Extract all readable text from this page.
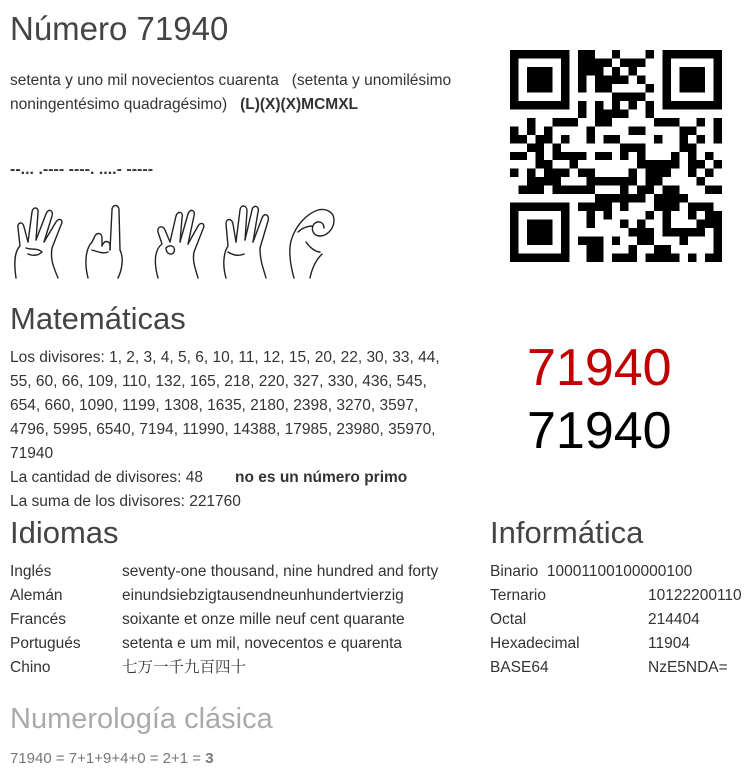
Número 71940
setenta y uno mil novecientos cuarenta (setenta y unomilésimo
noningentésimo quadragésimo) (L)(X)(X)MCMXL
--... .---- ----. ....- -----
Matemáticas
Los divisores: 1, 2, 3, 4, 5, 6, 10, 11, 12, 15, 20, 22, 30, 33, 44,
55, 60, 66, 109, 110, 132, 165, 218, 220, 327, 330, 436, 545,
654, 660, 1090, 1199, 1308, 1635, 2180, 2398, 3270, 3597,
4796, 5995, 6540, 7194, 11990, 14388, 17985, 23980, 35970,
71940
La cantidad de divisores: 48 no es un número primo
La suma de los divisores: 221760
71940
71940
Idiomas
Inglés	seventy-one thousand, nine hundred and forty
Alemán	einundsiebzigtausendneunhundertvierzig
Francés	soixante et onze mille neuf cent quarante
Portugués	setenta e um mil, novecentos e quarenta
Chino	七万一千九百四十
Informática
Binario 10001100100000100
Ternario	10122200110
Octal	214404
Hexadecimal	11904
BASE64	NzE5NDA=
Numerología clásica
71940 = 7+1+9+4+0 = 2+1 = 3
